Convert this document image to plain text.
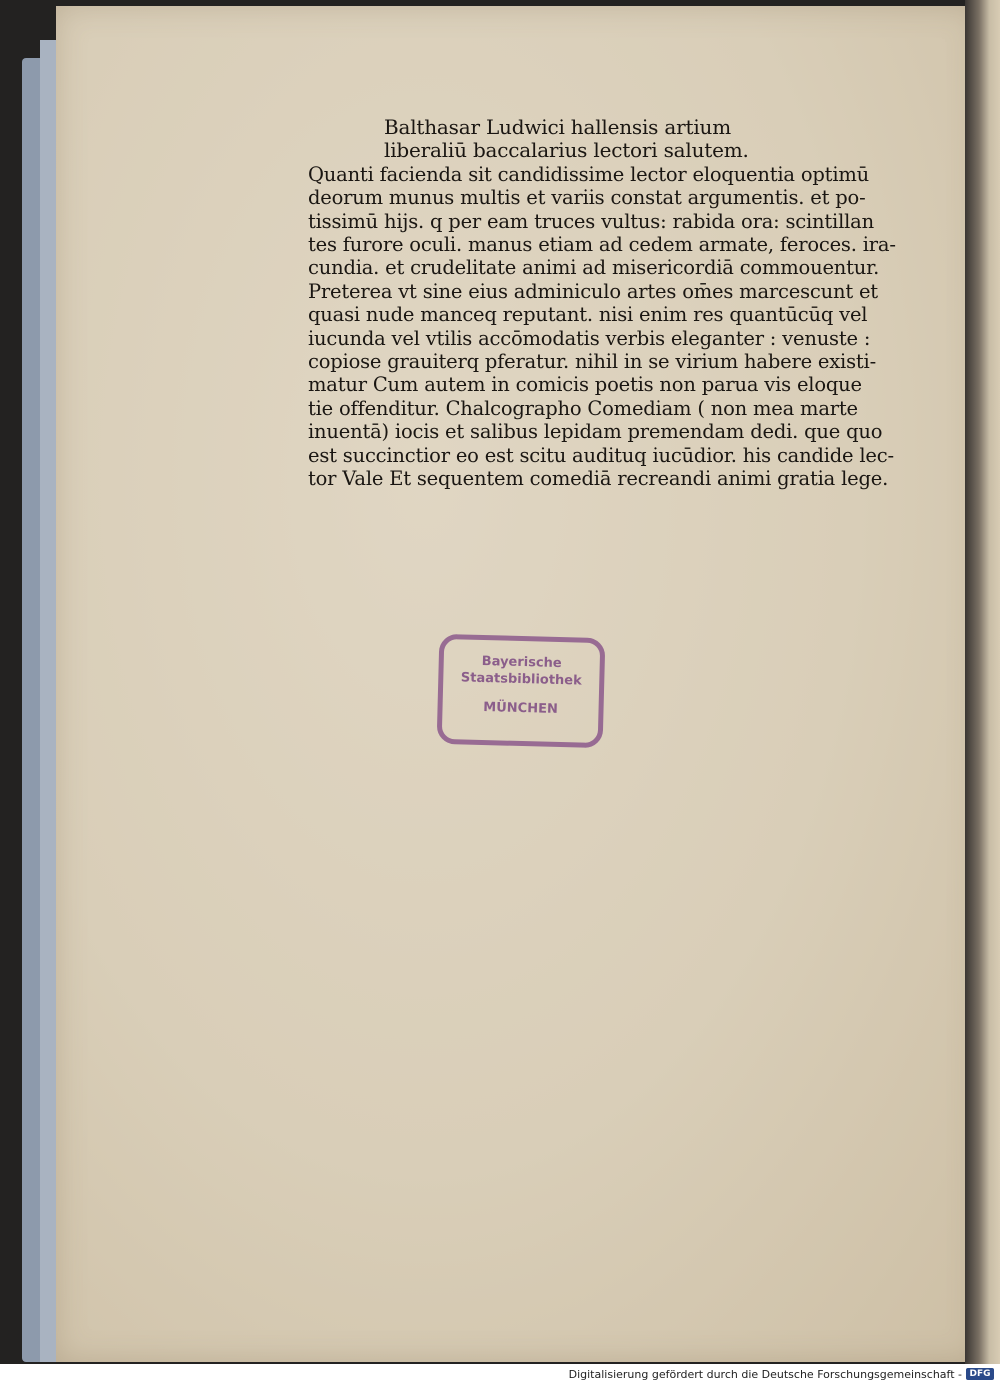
Balthasar Ludwici hallensis artium
liberaliū baccalarius lectori salutem.
Quanti facienda sit candidissime lector eloquentia optimū
deorum munus multis et variis constat argumentis. et po-
tissimū hijs. q per eam truces vultus: rabida ora: scintillan
tes furore oculi. manus etiam ad cedem armate, feroces. ira-
cundia. et crudelitate animi ad misericordiā commouentur.
Preterea vt sine eius adminiculo artes om̄es marcescunt et
quasi nude manceq reputant. nisi enim res quantūcūq vel
iucunda vel vtilis accōmodatis verbis eleganter : venuste :
copiose grauiterq pferatur. nihil in se virium habere existi-
matur Cum autem in comicis poetis non parua vis eloque
tie offenditur. Chalcographo Comediam ( non mea marte
inuentā) iocis et salibus lepidam premendam dedi. que quo
est succinctior eo est scitu audituq iucūdior. his candide lec-
tor Vale Et sequentem comediā recreandi animi gratia lege.
Bayerische
Staatsbibliothek
MÜNCHEN
Digitalisierung gefördert durch die Deutsche Forschungsgemeinschaft - DFG
